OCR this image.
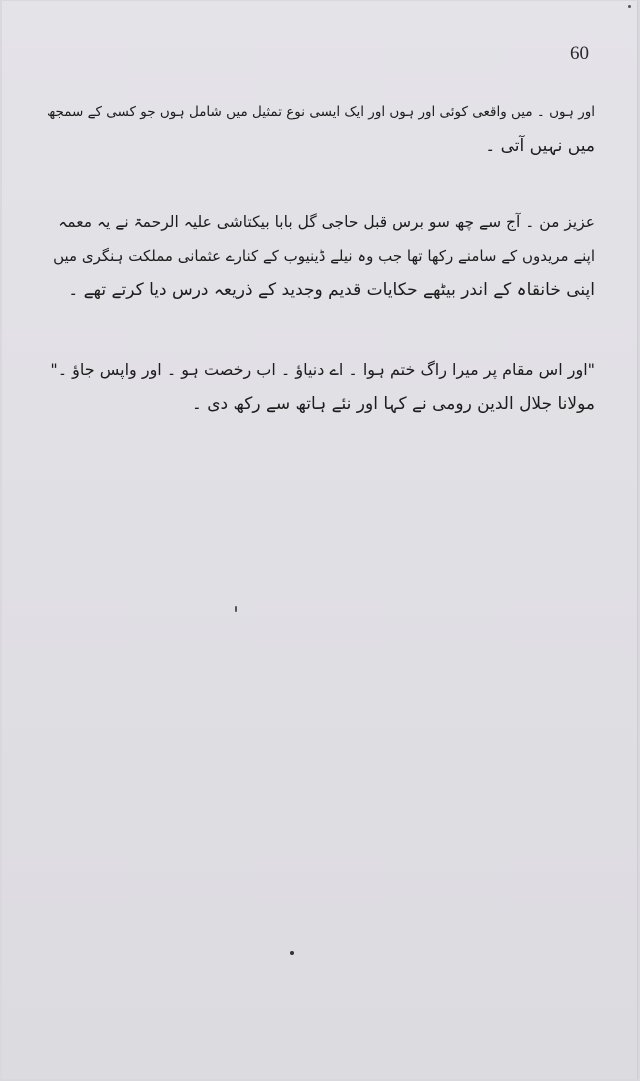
60
اور ہوں ۔ میں واقعی کوئی اور ہوں اور ایک ایسی نوع تمثیل میں شامل ہوں جو کسی کے سمجھ
میں نہیں آتی ۔
عزیز من ۔ آج سے چھ سو برس قبل حاجی گل بابا بیکتاشی علیہ الرحمۃ نے یہ معمہ
اپنے مریدوں کے سامنے رکھا تھا جب وہ نیلے ڈینیوب کے کنارے عثمانی مملکت ہنگری میں
اپنی خانقاہ کے اندر بیٹھے حکایات قدیم وجدید کے ذریعہ درس دیا کرتے تھے ۔
"اور اس مقام پر میرا راگ ختم ہوا ۔ اے دنیاؤ ۔ اب رخصت ہو ۔ اور واپس جاؤ ۔"
مولانا جلال الدین رومی نے کہا اور نئے ہاتھ سے رکھ دی ۔
